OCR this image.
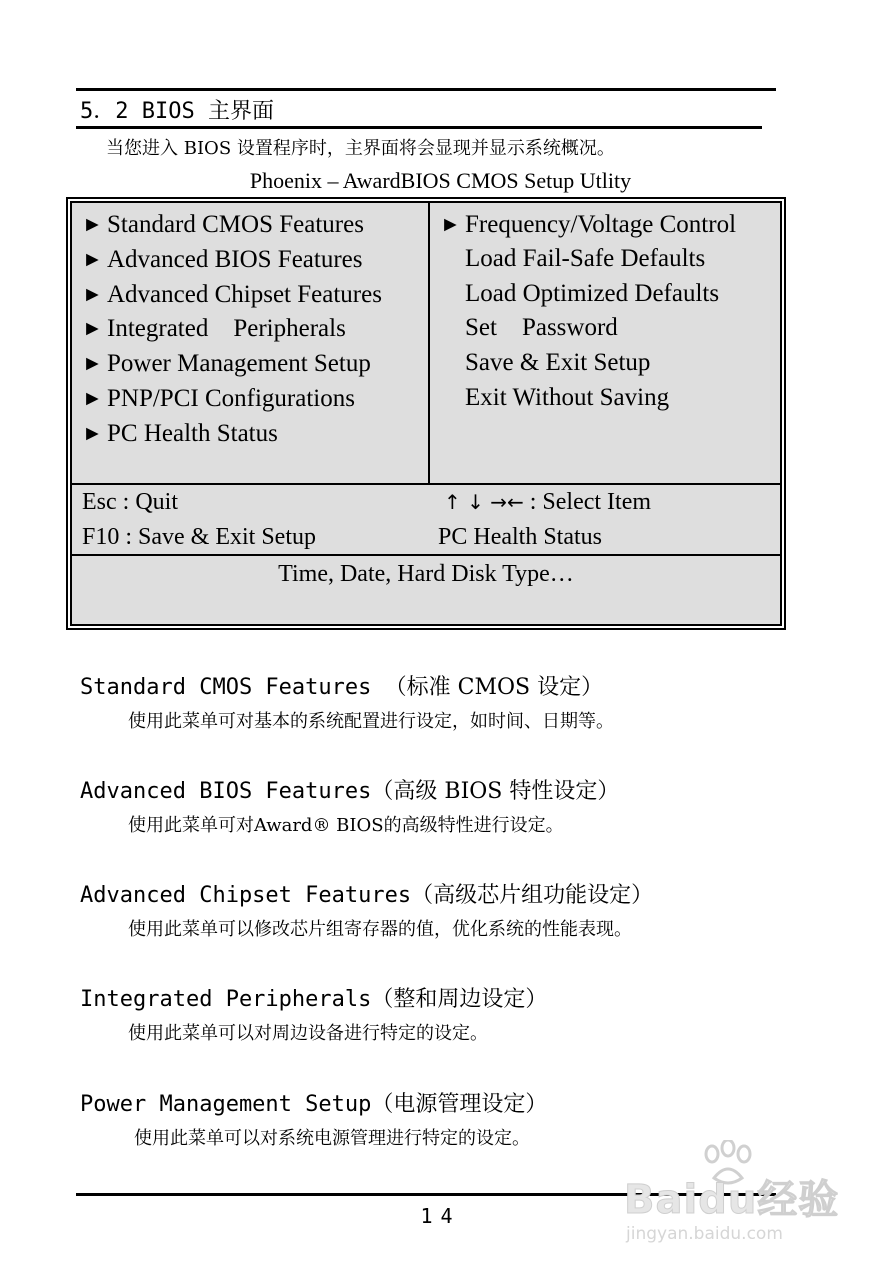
5．2 BIOS 主界面
当您进入 BIOS 设置程序时，主界面将会显现并显示系统概况。
Phoenix – AwardBIOS CMOS Setup Utlity
► Standard CMOS Features
► Advanced BIOS Features
► Advanced Chipset Features
► Integrated    Peripherals
► Power Management Setup
► PNP/PCI Configurations
► PC Health Status
► Frequency/Voltage Control
Load Fail-Safe Defaults
Load Optimized Defaults
Set    Password
Save & Exit Setup
Exit Without Saving
Esc : Quit
F10 : Save & Exit Setup
↑ ↓ →← : Select Item
PC Health Status
Time, Date, Hard Disk Type…
Standard CMOS Features （标准 CMOS 设定）
使用此菜单可对基本的系统配置进行设定，如时间、日期等。
Advanced BIOS Features（高级 BIOS 特性设定）
使用此菜单可对Award® BIOS的高级特性进行设定。
Advanced Chipset Features（高级芯片组功能设定）
使用此菜单可以修改芯片组寄存器的值，优化系统的性能表现。
Integrated Peripherals（整和周边设定）
使用此菜单可以对周边设备进行特定的设定。
Power Management Setup（电源管理设定）
使用此菜单可以对系统电源管理进行特定的设定。
14	Baidu经验
jingyan.baidu.com
